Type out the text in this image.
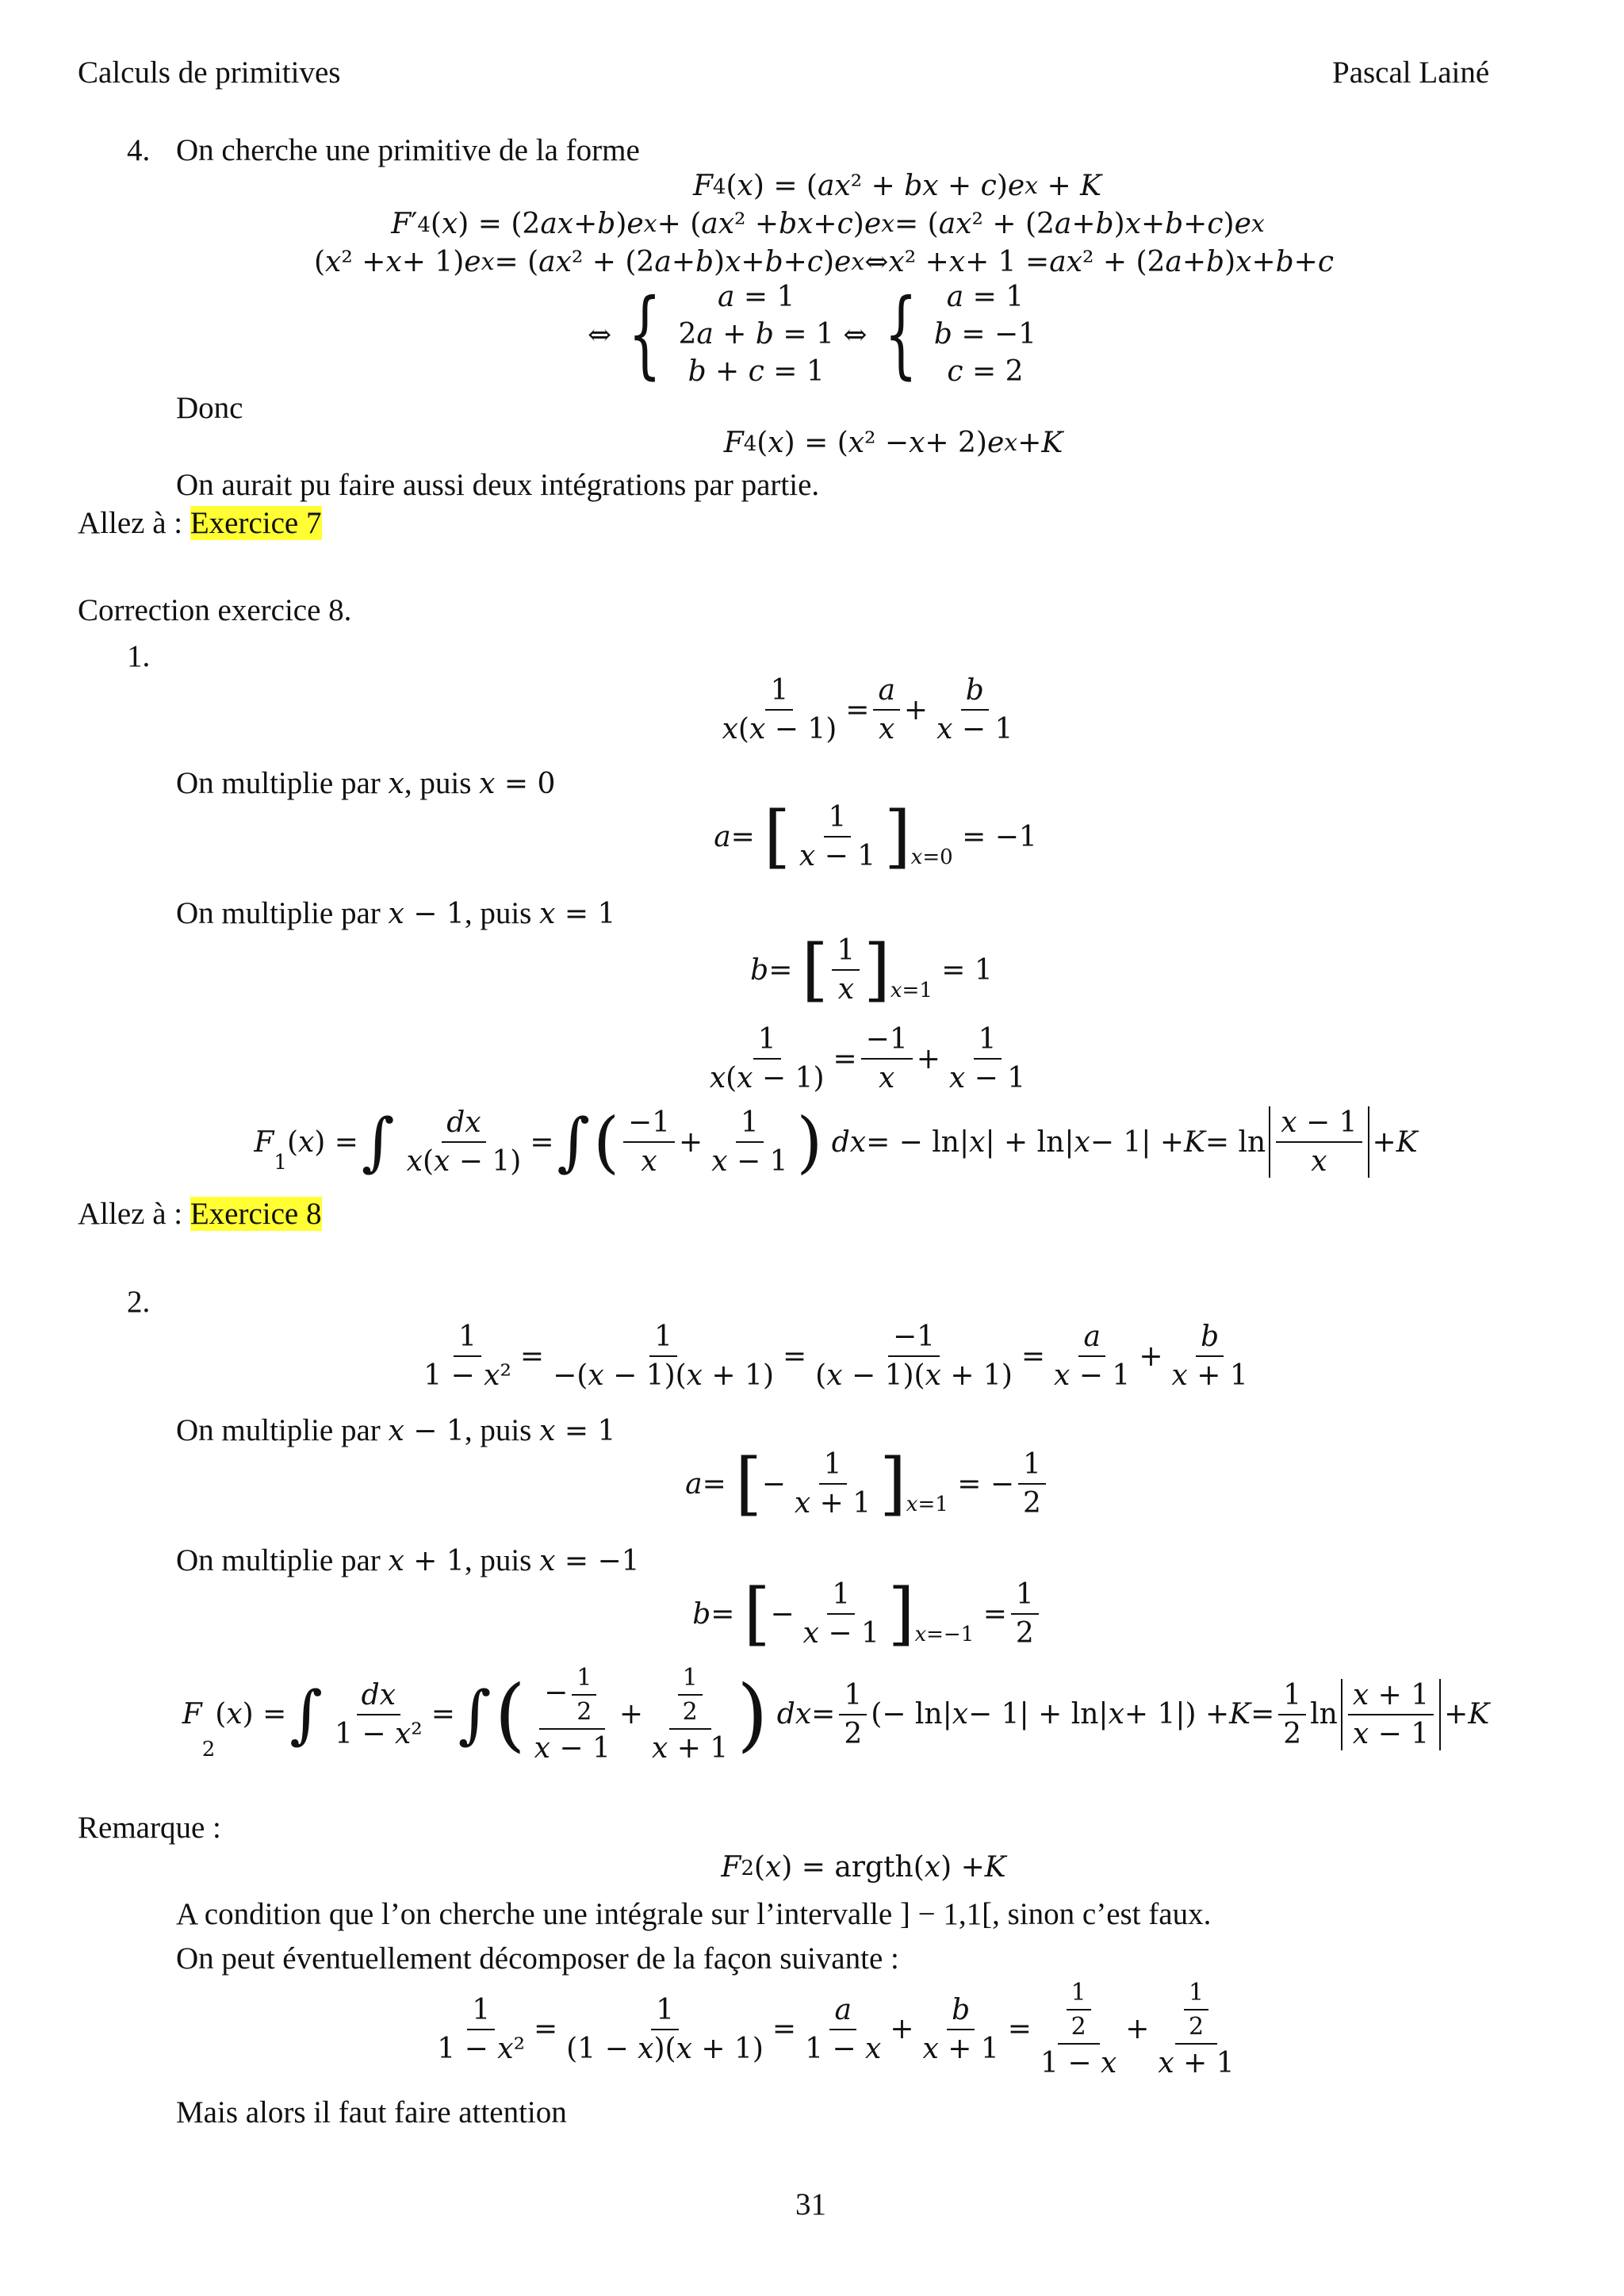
Calculs de primitives	Pascal Lainé
4. On cherche une primitive de la forme
F 4 ( x ) = ( ax ² + bx + c ) e x + K
F ′ 4 ( x ) = (2 ax + b ) e x + ( ax ² + bx + c ) e x = ( ax ² + (2 a + b ) x + b + c ) e x
( x ² + x + 1) e x = ( ax ² + (2 a + b ) x + b + c ) e x ⇔ x ² + x + 1 = ax ² + (2 a + b ) x + b + c
⇔ { a = 1
2a + b = 1
b + c = 1
⇔ { a = 1
b = −1
c = 2
Donc
F 4 ( x ) = ( x ² − x + 2) e x + K
On aurait pu faire aussi deux intégrations par partie.
Allez à : Exercice 7
Correction exercice 8.
1.
$\frac{1}{x(x - 1)} = \frac{a}{x} + \frac{b}{x - 1}$
On multiplie par x , puis x = 0
a = [ $\frac{1}{x - 1}$ ] x=0
= −1
On multiplie par x − 1, puis x = 1
b = [ $\frac{1}{x}$ ] x=1
= 1
$\frac{1}{x(x - 1)} = \frac{-1}{x} + \frac{1}{x - 1}$
F
1
( x ) = ∫ $\frac{dx}{x(x - 1)}$ = ∫ ( $\frac{-1}{x} + \frac{1}{x - 1}$ )
dx = − ln| x | + ln| $x - 1| + K = \ln \frac{x - 1}{x} + K$
Allez à : Exercice 8
2.
$\frac{1}{\text{1 − x²}} = \frac{1}{-(x - 1)(x + 1)} = \frac{-1}{(x - 1)(x + 1)} = \frac{a}{x - 1} + \frac{b}{x + 1}$
On multiplie par x − 1, puis x = 1
a = [ − $\frac{1}{x + 1}$ ] x=1
= − $\frac{1}{2}$
On multiplie par x + 1, puis x = −1
b = [ − $\frac{1}{x - 1}$ ] x=−1
= $\frac{1}{2}$
F
2
( x ) = ∫ $\frac{dx}{\text{1 − x²}}$ = ∫ ( $\frac{- \frac{1}{2}}{x - 1} + \frac{\frac{1}{2}}{x + 1}$ )
dx = $\frac{1}{2}$ (− ln| x − 1| + ln| $x + 1|) + K = \frac{1}{2}$ $\ln \frac{x + 1}{x - 1} + K$
Remarque :
F 2 ( x ) = argth( x ) + K
A condition que l’on cherche une intégrale sur l’intervalle ] − 1,1[, sinon c’est faux.
On peut éventuellement décomposer de la façon suivante :
$\frac{1}{\text{1 − x²}} = \frac{1}{(1 - x)(x + 1)} = \frac{a}{1 - x} + \frac{b}{x + 1} = \frac{\frac{1}{2}}{1 - x} + \frac{\frac{1}{2}}{x + 1}$
Mais alors il faut faire attention
31
